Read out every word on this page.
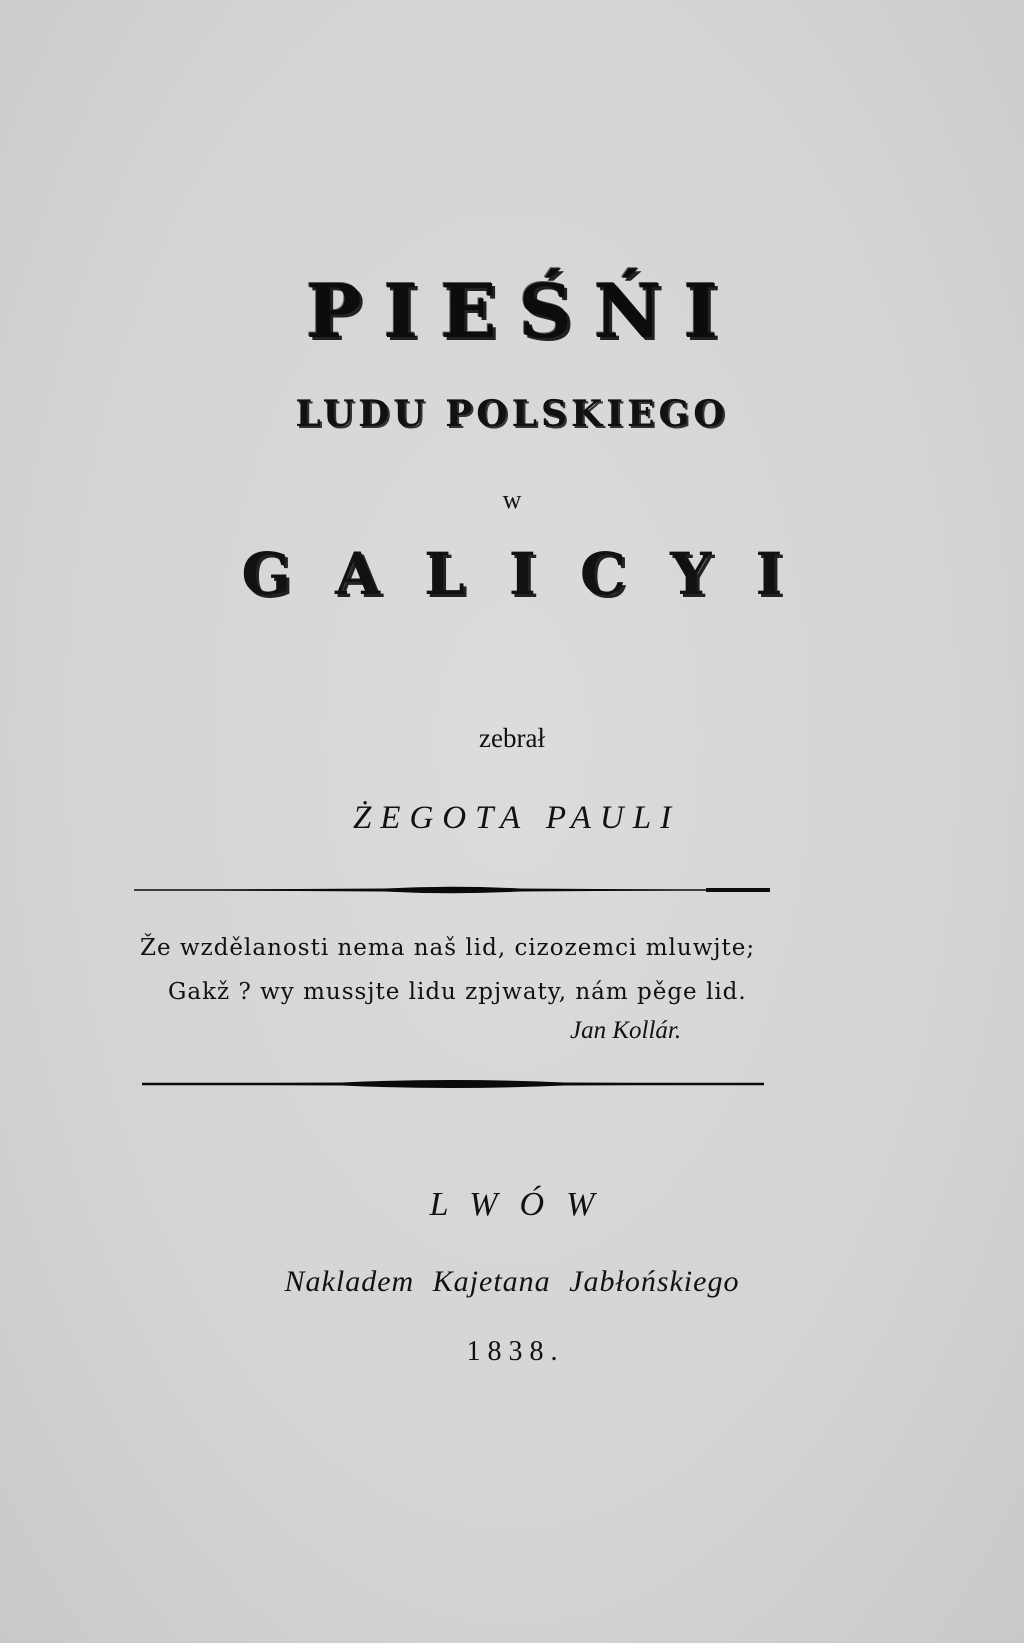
PIEŚŃI
LUDU POLSKIEGO
w
GALICYI
zebrał
ŻEGOTA PAULI
Že wzdělanosti nema naš lid, cizozemci mluwjte;
Gakž ? wy mussjte lidu zpjwaty, nám pěge lid.
Jan Kollár.
LWÓW
Nakladem Kajetana Jabłońskiego
1838.
